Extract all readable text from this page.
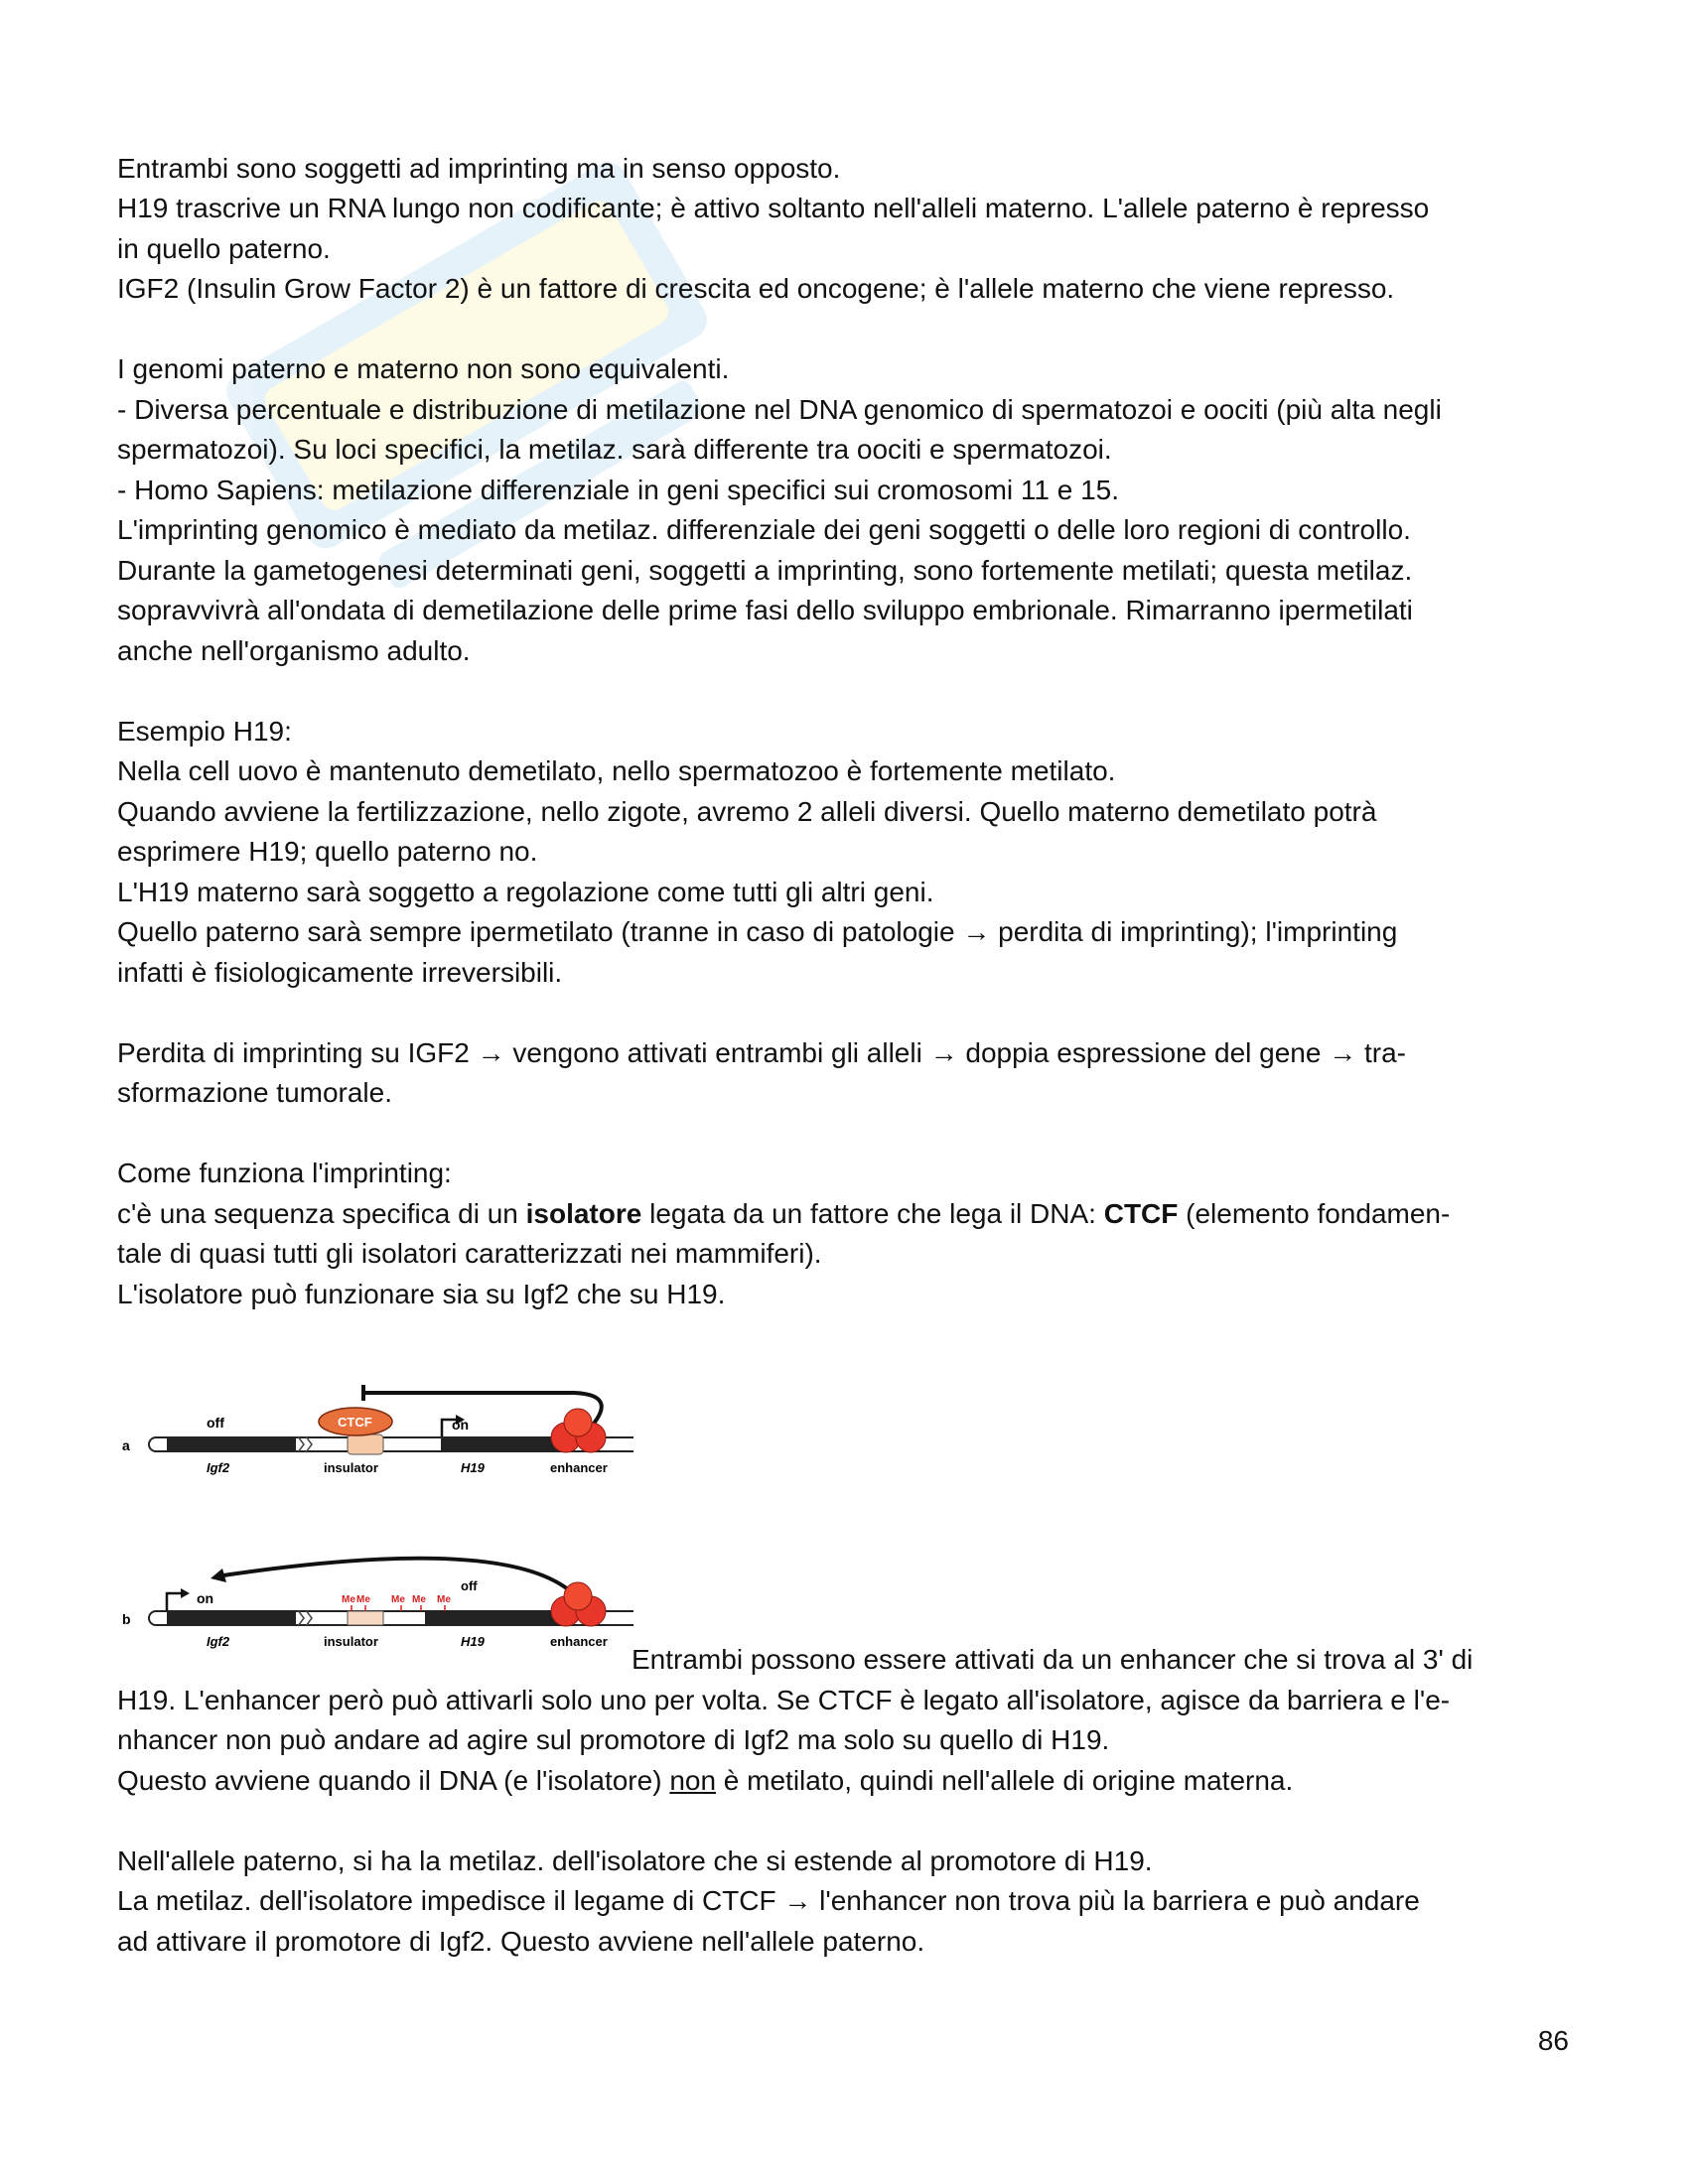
Entrambi sono soggetti ad imprinting ma in senso opposto.

H19 trascrive un RNA lungo non codificante; è attivo soltanto nell'alleli materno. L'allele paterno è represso

in quello paterno.

IGF2 (Insulin Grow Factor 2) è un fattore di crescita ed oncogene; è l'allele materno che viene represso.

I genomi paterno e materno non sono equivalenti.

- Diversa percentuale e distribuzione di metilazione nel DNA genomico di spermatozoi e oociti (più alta negli

spermatozoi). Su loci specifici, la metilaz. sarà differente tra oociti e spermatozoi.

- Homo Sapiens: metilazione differenziale in geni specifici sui cromosomi 11 e 15.

L'imprinting genomico è mediato da metilaz. differenziale dei geni soggetti o delle loro regioni di controllo.

Durante la gametogenesi determinati geni, soggetti a imprinting, sono fortemente metilati; questa metilaz.

sopravvivrà all'ondata di demetilazione delle prime fasi dello sviluppo embrionale. Rimarranno ipermetilati

anche nell'organismo adulto.

Esempio H19:

Nella cell uovo è mantenuto demetilato, nello spermatozoo è fortemente metilato.

Quando avviene la fertilizzazione, nello zigote, avremo 2 alleli diversi. Quello materno demetilato potrà

esprimere H19; quello paterno no.

L'H19 materno sarà soggetto a regolazione come tutti gli altri geni.

Quello paterno sarà sempre ipermetilato (tranne in caso di patologie → perdita di imprinting); l'imprinting

infatti è fisiologicamente irreversibili.

Perdita di imprinting su IGF2 → vengono attivati entrambi gli alleli → doppia espressione del gene → tra-

sformazione tumorale.

Come funziona l'imprinting:

c'è una sequenza specifica di un isolatore legata da un fattore che lega il DNA: CTCF (elemento fondamen-

tale di quasi tutti gli isolatori caratterizzati nei mammiferi).

L'isolatore può funzionare sia su Igf2 che su H19.

a
off	CTCF	on
Igf2	insulator	H19	enhancer
Me Me Me Me Me
b
on
off
Igf2	insulator	H19	enhancer

Entrambi possono essere attivati da un enhancer che si trova al 3' di

H19. L'enhancer però può attivarli solo uno per volta. Se CTCF è legato all'isolatore, agisce da barriera e l'e-

nhancer non può andare ad agire sul promotore di Igf2 ma solo su quello di H19.

Questo avviene quando il DNA (e l'isolatore) non è metilato, quindi nell'allele di origine materna.

Nell'allele paterno, si ha la metilaz. dell'isolatore che si estende al promotore di H19.

La metilaz. dell'isolatore impedisce il legame di CTCF → l'enhancer non trova più la barriera e può andare

ad attivare il promotore di Igf2. Questo avviene nell'allele paterno.

86
